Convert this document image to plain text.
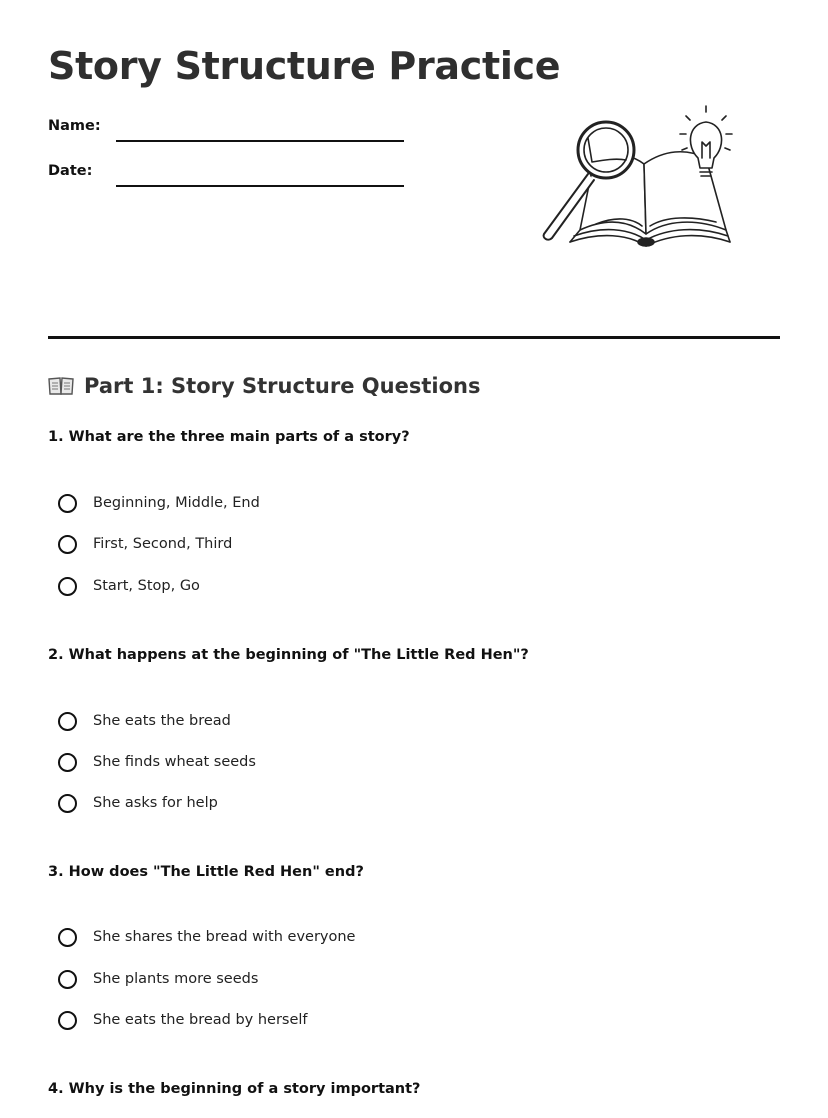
Story Structure Practice
Name:
Date:
Part 1: Story Structure Questions

1. What are the three main parts of a story?

Beginning, Middle, End
First, Second, Third
Start, Stop, Go

2. What happens at the beginning of "The Little Red Hen"?

She eats the bread
She finds wheat seeds
She asks for help

3. How does "The Little Red Hen" end?

She shares the bread with everyone
She plants more seeds
She eats the bread by herself

4. Why is the beginning of a story important?
